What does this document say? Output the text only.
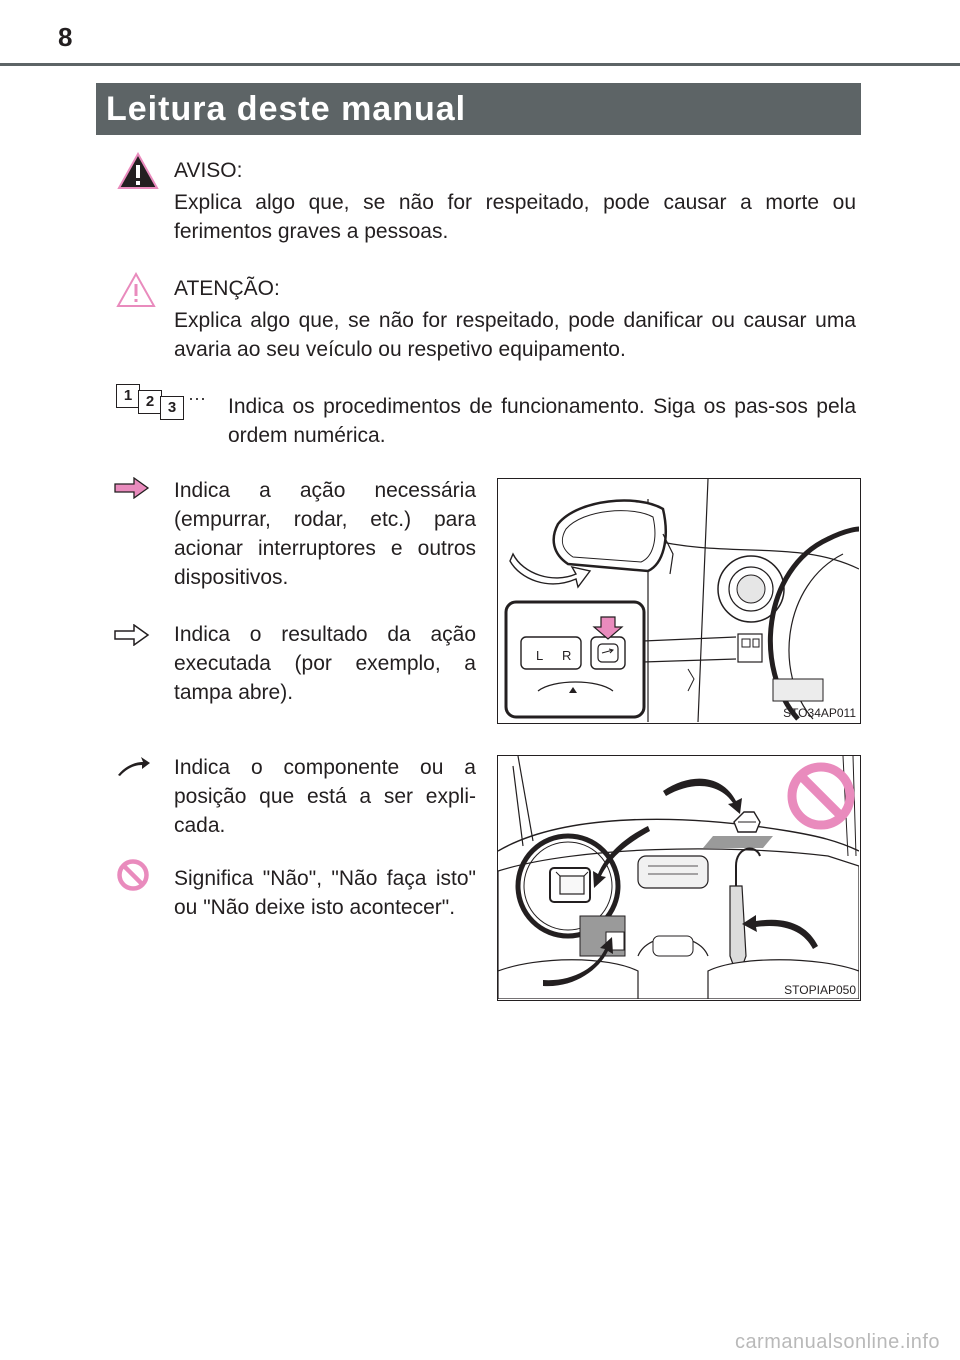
8
Leitura deste manual
AVISO:
Explica algo que, se não for respeitado, pode causar a morte ou ferimentos graves a pessoas.
ATENÇÃO:
Explica algo que, se não for respeitado, pode danificar ou causar uma avaria ao seu veículo ou respetivo equipamento.
1 2 3 ··· Indica os procedimentos de funcionamento. Siga os pas-sos pela ordem numérica.
Indica a ação necessária (empurrar, rodar, etc.) para acionar interruptores e outros dispositivos.
Indica o resultado da ação executada (por exemplo, a tampa abre).
L R
STO34AP011
Indica o componente ou a posição que está a ser expli-cada.
Significa "Não", "Não faça isto" ou "Não deixe isto acontecer".
STOPIAP050
carmanualsonline.info
